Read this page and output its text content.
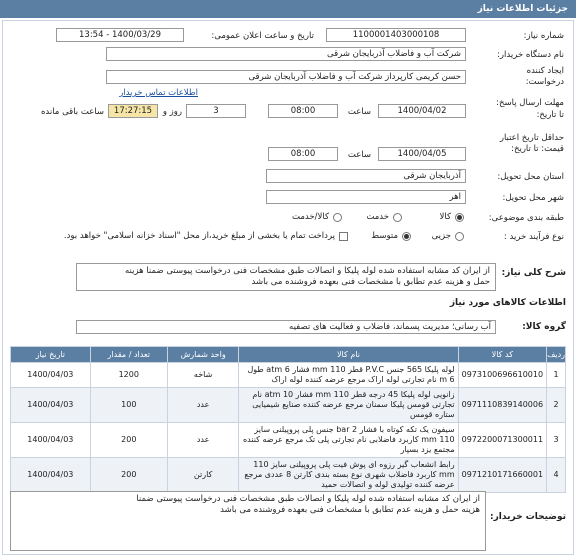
جزئیات اطلاعات نیاز
شماره نیاز:
1100001403000108
تاریخ و ساعت اعلان عمومی:
1400/03/29 - 13:54
نام دستگاه خریدار:
شرکت آب و فاضلاب آذربایجان شرقی
ایجاد کننده
درخواست:
حسن کریمی کارپرداز شرکت آب و فاضلاب آذربایجان شرقی
اطلاعات تماس خریدار
مهلت ارسال پاسخ:
تا تاریخ:
1400/04/02
ساعت
08:00
3
روز و
17:27:15
ساعت باقی مانده
حداقل تاریخ اعتبار
قیمت: تا تاریخ:
1400/04/05
ساعت
08:00
استان محل تحویل:
آذربایجان شرقی
شهر محل تحویل:
اهر
طبقه بندی موضوعی:
کالا
خدمت
کالا/خدمت
نوع فرآیند خرید :
جزیی
متوسط
پرداخت تمام یا بخشی از مبلغ خرید،از محل "اسناد خزانه اسلامی" خواهد بود.
شرح کلی نیاز:
از ایران کد مشابه استفاده شده لوله پلیکا و اتصالات طبق مشخصات فنی درخواست پیوستی ضمنا هزینه
حمل و هزینه عدم تطابق با مشخصات فنی بعهده فروشنده می باشد
اطلاعات کالاهای مورد نیاز
گروه کالا:
آب رسانی؛ مدیریت پسماند، فاضلاب و فعالیت های تصفیه
ردیف	کد کالا	نام کالا	واحد شمارش	تعداد / مقدار	تاریخ نیاز
1	0973100696610010	لوله پلیکا 565 جنس P.V.C قطر 110 mm فشار 6 atm طول 6 m نام تجارتی لوله اراک مرجع عرضه کننده لوله اراک	شاخه	1200	1400/04/03
2	0971110839140006	زانویی لوله پلیکا 45 درجه قطر 110 mm فشار 10 atm نام تجارتی قومس پلیکا سمنان مرجع عرضه کننده صنایع شیمیایی ستاره قومس	عدد	100	1400/04/03
3	0972200071300011	سیفون یک تکه کوتاه با فشار 2 bar جنس پلی پروپیلنی سایز 110 mm کاربرد فاضلابی نام تجارتی پلی تک مرجع عرضه کننده مجتمع یزد بسپار	عدد	200	1400/04/03
4	0971210171660001	رابط انشعاب گیر رزوه ای پوش فیت پلی پروپیلنی سایز 110 mm کاربرد فاضلاب شهری نوع بسته بندی کارتن 8 عددی مرجع عرضه کننده تولیدی لوله و اتصالات حمید	کارتن	200	1400/04/03
توضیحات خریدار:
از ایران کد مشابه استفاده شده لوله پلیکا و اتصالات طبق مشخصات فنی درخواست پیوستی ضمنا
هزینه حمل و هزینه عدم تطابق با مشخصات فنی بعهده فروشنده می باشد
